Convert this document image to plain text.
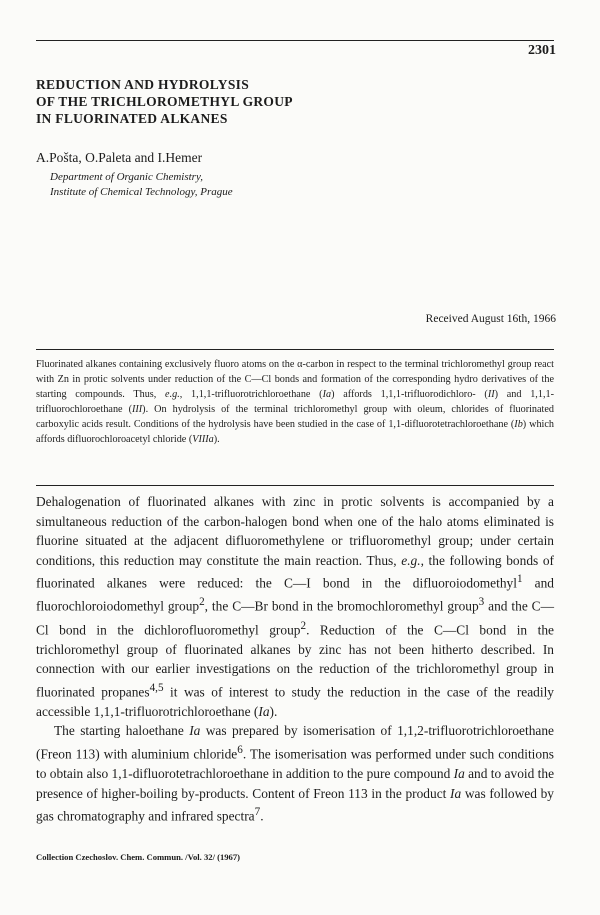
2301
REDUCTION AND HYDROLYSIS
OF THE TRICHLOROMETHYL GROUP
IN FLUORINATED ALKANES
A.Pošta, O.Paleta and I.Hemer
Department of Organic Chemistry,
Institute of Chemical Technology, Prague
Received August 16th, 1966
Fluorinated alkanes containing exclusively fluoro atoms on the α-carbon in respect to the terminal trichloromethyl group react with Zn in protic solvents under reduction of the C—Cl bonds and formation of the corresponding hydro derivatives of the starting compounds. Thus, e.g., 1,1,1-trifluorotrichloroethane (Ia) affords 1,1,1-trifluorodichloro- (II) and 1,1,1-trifluorochloroethane (III). On hydrolysis of the terminal trichloromethyl group with oleum, chlorides of fluorinated carboxylic acids result. Conditions of the hydrolysis have been studied in the case of 1,1-difluorotetrachloroethane (Ib) which affords difluorochloroacetyl chloride (VIIIa).

Dehalogenation of fluorinated alkanes with zinc in protic solvents is accompanied by a simultaneous reduction of the carbon-halogen bond when one of the halo atoms eliminated is fluorine situated at the adjacent difluoromethylene or trifluoromethyl group; under certain conditions, this reduction may constitute the main reaction. Thus, e.g., the following bonds of fluorinated alkanes were reduced: the C—I bond in the difluoroiodomethyl$^1$ and fluorochloroiodomethyl group$^2$, the C—Br bond in the bromochloromethyl group$^3$ and the C—Cl bond in the dichlorofluoromethyl group$^2$. Reduction of the C—Cl bond in the trichloromethyl group of fluorinated alkanes by zinc has not been hitherto described. In connection with our earlier investigations on the reduction of the trichloromethyl group in fluorinated propanes$^{4,5}$ it was of interest to study the reduction in the case of the readily accessible 1,1,1-trifluorotrichloroethane (Ia).

The starting haloethane Ia was prepared by isomerisation of 1,1,2-trifluorotrichloroethane (Freon 113) with aluminium chloride$^6$. The isomerisation was performed under such conditions to obtain also 1,1-difluorotetrachloroethane in addition to the pure compound Ia and to avoid the presence of higher-boiling by-products. Content of Freon 113 in the product Ia was followed by gas chromatography and infrared spectra$^7$.

Collection Czechoslov. Chem. Commun. /Vol. 32/ (1967)
